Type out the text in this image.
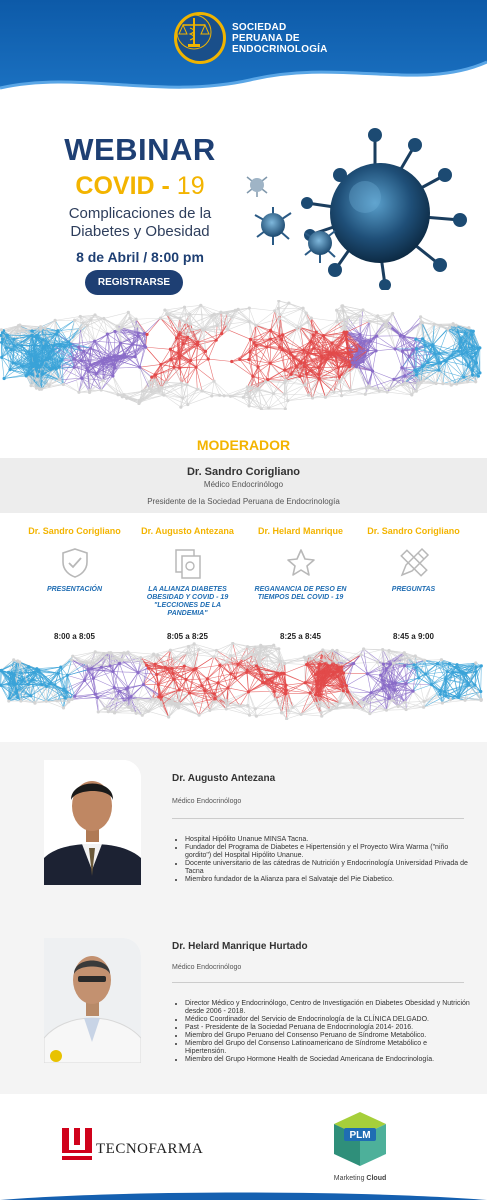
SOCIEDAD
PERUANA DE
ENDOCRINOLOGÍA
WEBINAR
COVID - 19
Complicaciones de la
Diabetes y Obesidad
8 de Abril / 8:00 pm
REGISTRARSE
MODERADOR
Dr. Sandro Corigliano
Médico Endocrinólogo
Presidente de la Sociedad Peruana de Endocrinología
Dr. Sandro Corigliano
PRESENTACIÓN
8:00 a 8:05
Dr. Augusto Antezana
LA ALIANZA DIABETES OBESIDAD Y COVID - 19 "LECCIONES DE LA PANDEMIA"
8:05 a 8:25
Dr. Helard Manrique
REGANANCIA DE PESO EN TIEMPOS DEL COVID - 19
8:25 a 8:45
Dr. Sandro Corigliano
PREGUNTAS
8:45 a 9:00
Dr. Augusto Antezana
Médico Endocrinólogo
• Hospital Hipólito Unanue MINSA Tacna.
• Fundador del Programa de Diabetes e Hipertensión y el Proyecto Wira Warma ("niño gordito") del Hospital Hipólito Unanue.
• Docente universitario de las cátedras de Nutrición y Endocrinología Universidad Privada de Tacna
• Miembro fundador de la Alianza para el Salvataje del Pie Diabetico.
Dr. Helard Manrique Hurtado
Médico Endocrinólogo
• Director Médico y Endocrinólogo, Centro de Investigación en Diabetes Obesidad y Nutrición desde 2006 - 2018.
• Médico Coordinador del Servicio de Endocrinología de la CLÍNICA DELGADO.
• Past - Presidente de la Sociedad Peruana de Endocrinología 2014- 2016.
• Miembro del Grupo Peruano del Consenso Peruano de Síndrome Metabólico.
• Miembro del Grupo del Consenso Latinoamericano de Síndrome Metabólico e Hipertensión.
• Miembro del Grupo Hormone Health de Sociedad Americana de Endocrinología.
TECNOFARMA
PLM
Marketing Cloud
